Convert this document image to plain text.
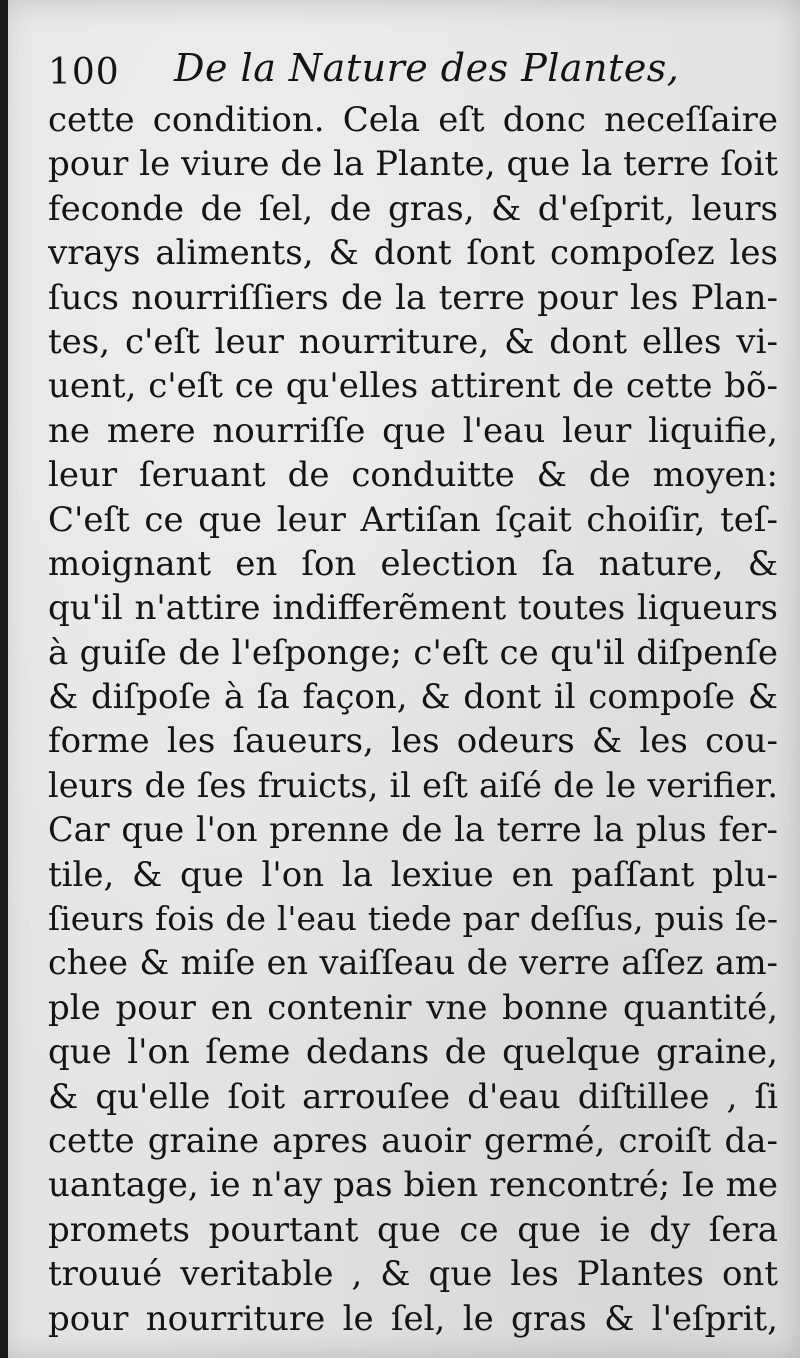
100 De la Nature des Plantes,
cette condition. Cela eſt donc neceſſaire
pour le viure de la Plante, que la terre ſoit
feconde de ſel, de gras, & d'eſprit, leurs
vrays aliments, & dont ſont compoſez les
ſucs nourriſſiers de la terre pour les Plan-
tes, c'eſt leur nourriture, & dont elles vi-
uent, c'eſt ce qu'elles attirent de cette bõ-
ne mere nourriſſe que l'eau leur liquifie,
leur ſeruant de conduitte & de moyen:
C'eſt ce que leur Artiſan ſçait choiſir, teſ-
moignant en ſon election ſa nature, &
qu'il n'attire indifferẽment toutes liqueurs
à guiſe de l'eſponge; c'eſt ce qu'il diſpenſe
& diſpoſe à ſa façon, & dont il compoſe &
forme les ſaueurs, les odeurs & les cou-
leurs de ſes fruicts, il eſt aiſé de le verifier.
Car que l'on prenne de la terre la plus fer-
tile, & que l'on la lexiue en paſſant plu-
ſieurs fois de l'eau tiede par deſſus, puis ſe-
chee & miſe en vaiſſeau de verre aſſez am-
ple pour en contenir vne bonne quantité,
que l'on ſeme dedans de quelque graine,
& qu'elle ſoit arrouſee d'eau diſtillee , ſi
cette graine apres auoir germé, croiſt da-
uantage, ie n'ay pas bien rencontré; Ie me
promets pourtant que ce que ie dy ſera
trouué veritable , & que les Plantes ont
pour nourriture le ſel, le gras & l'eſprit,
